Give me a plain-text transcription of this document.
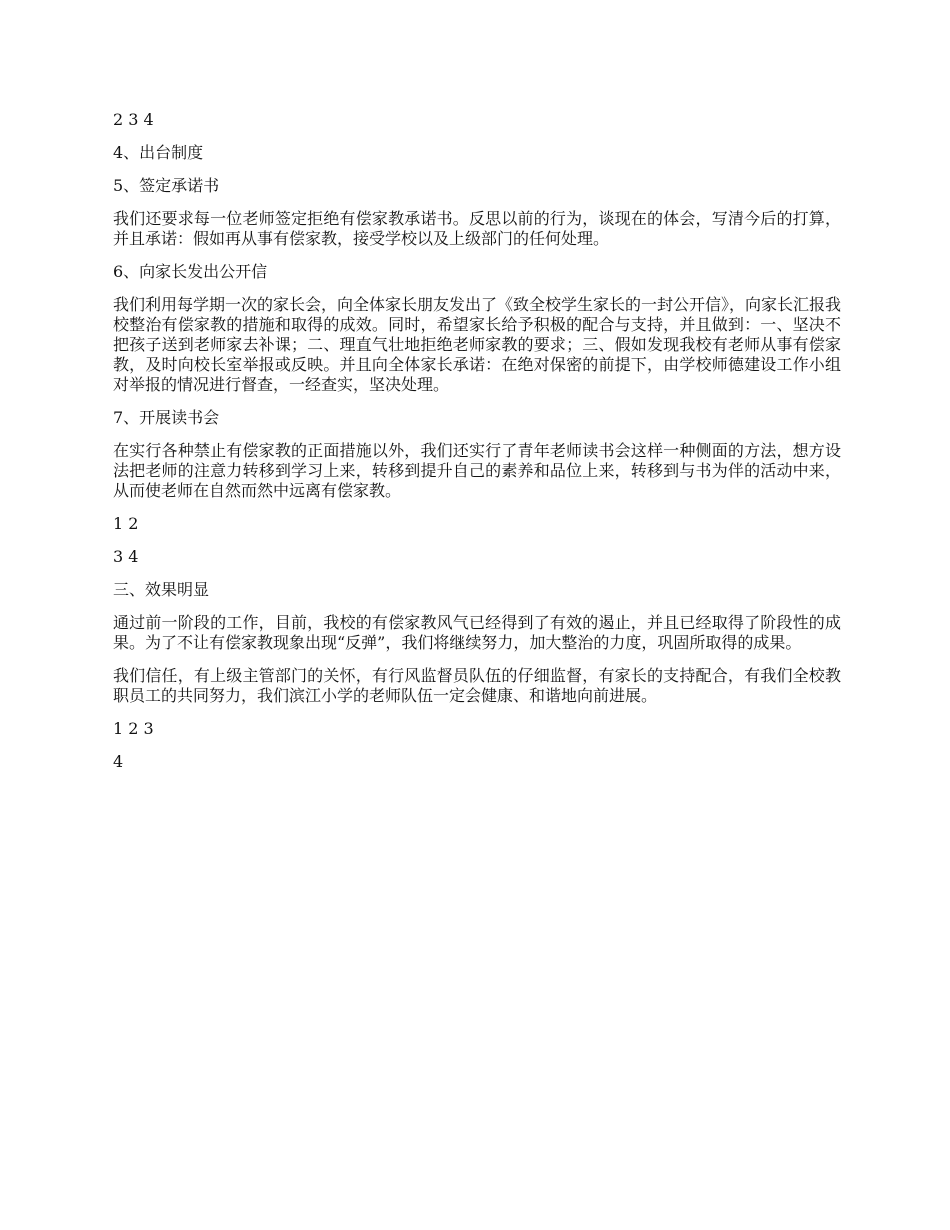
2 3 4

4、出台制度

5、签定承诺书

我们还要求每一位老师签定拒绝有偿家教承诺书。反思以前的行为，谈现在的体会，写清今后的打算，并且承诺：假如再从事有偿家教，接受学校以及上级部门的任何处理。

6、向家长发出公开信

我们利用每学期一次的家长会，向全体家长朋友发出了《致全校学生家长的一封公开信》，向家长汇报我校整治有偿家教的措施和取得的成效。同时，希望家长给予积极的配合与支持，并且做到：一、坚决不把孩子送到老师家去补课；二、理直气壮地拒绝老师家教的要求；三、假如发现我校有老师从事有偿家教，及时向校长室举报或反映。并且向全体家长承诺：在绝对保密的前提下，由学校师德建设工作小组对举报的情况进行督查，一经查实，坚决处理。

7、开展读书会

在实行各种禁止有偿家教的正面措施以外，我们还实行了青年老师读书会这样一种侧面的方法，想方设法把老师的注意力转移到学习上来，转移到提升自己的素养和品位上来，转移到与书为伴的活动中来，从而使老师在自然而然中远离有偿家教。

1 2

3 4

三、效果明显

通过前一阶段的工作，目前，我校的有偿家教风气已经得到了有效的遏止，并且已经取得了阶段性的成果。为了不让有偿家教现象出现“反弹”，我们将继续努力，加大整治的力度，巩固所取得的成果。

我们信任，有上级主管部门的关怀，有行风监督员队伍的仔细监督，有家长的支持配合，有我们全校教职员工的共同努力，我们滨江小学的老师队伍一定会健康、和谐地向前进展。

1 2 3

4
